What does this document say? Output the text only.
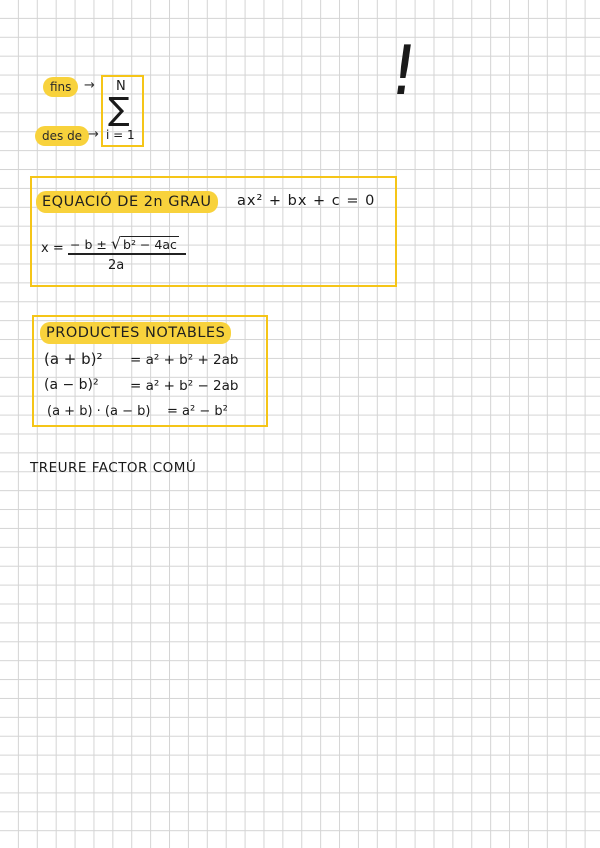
fins →
des de →
N
∑
i = 1
!
EQUACIÓ DE 2n GRAU	ax² + bx + c = 0
x = − b ± √ b² − 4ac
2a
PRODUCTES NOTABLES
(a + b)² = a² + b² + 2ab
(a − b)² = a² + b² − 2ab
(a + b) · (a − b) = a² − b²
TREURE FACTOR COMÚ
